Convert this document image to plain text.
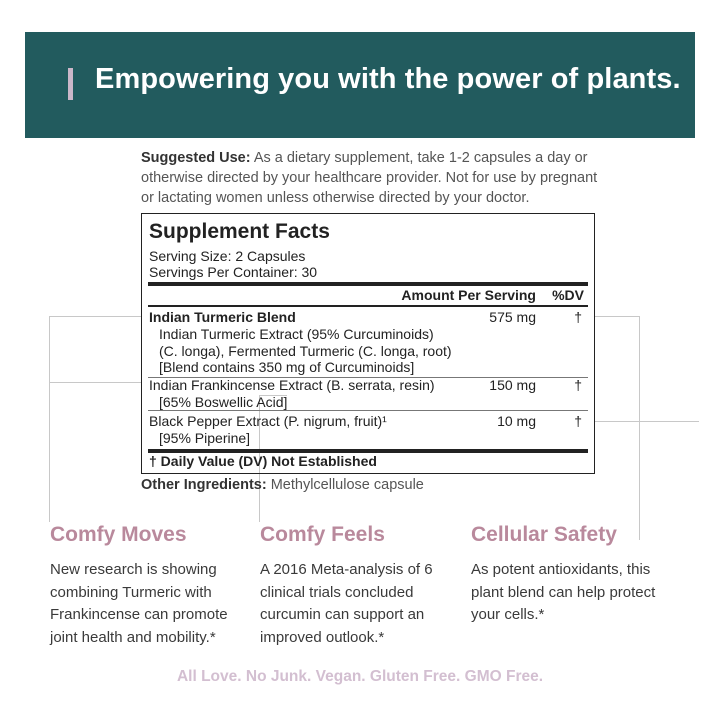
Empowering you with the power of plants.
Suggested Use: As a dietary supplement, take 1-2 capsules a day or otherwise directed by your healthcare provider. Not for use by pregnant or lactating women unless otherwise directed by your doctor.
Supplement Facts
Serving Size: 2 Capsules
Servings Per Container: 30
Amount Per Serving %DV
Indian Turmeric Blend	575 mg	†
Indian Turmeric Extract (95% Curcuminoids)
(C. longa), Fermented Turmeric (C. longa, root)
[Blend contains 350 mg of Curcuminoids]
Indian Frankincense Extract (B. serrata, resin)	150 mg	†
[65% Boswellic Acid]
Black Pepper Extract (P. nigrum, fruit)¹	10 mg	†
[95% Piperine]
† Daily Value (DV) Not Established
Other Ingredients: Methylcellulose capsule
Comfy Moves

New research is showing combining Turmeric with Frankincense can promote joint health and mobility.*

Comfy Feels

A 2016 Meta-analysis of 6 clinical trials concluded curcumin can support an improved outlook.*

Cellular Safety

As potent antioxidants, this plant blend can help protect your cells.*

All Love. No Junk. Vegan. Gluten Free. GMO Free.
